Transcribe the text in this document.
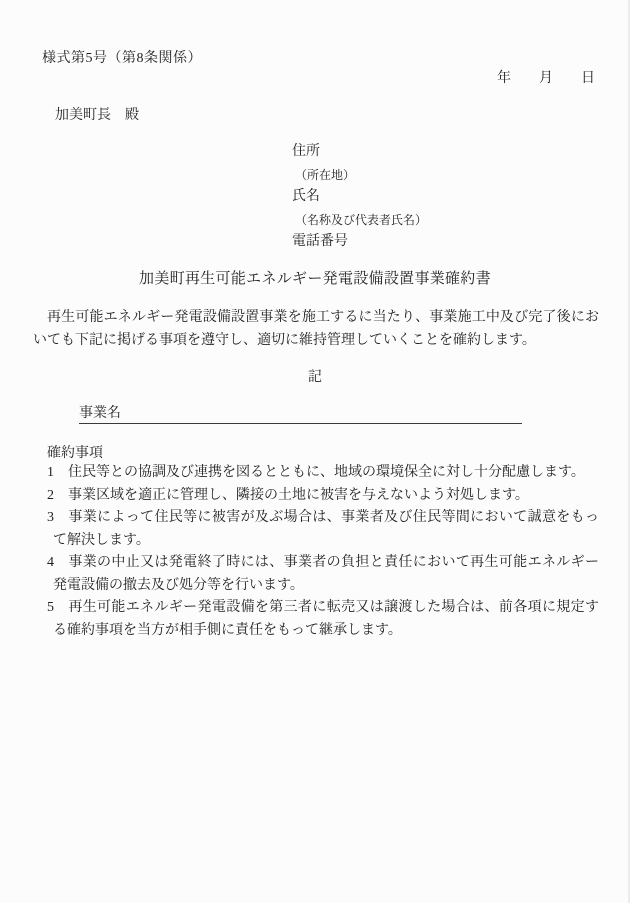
様式第5号（第8条関係）
年 月 日
加美町長 殿
住所
（所在地）
氏名
（名称及び代表者氏名）
電話番号
加美町再生可能エネルギー発電設備設置事業確約書
再生可能エネルギー発電設備設置事業を施工するに当たり、事業施工中及び完了後においても下記に掲げる事項を遵守し、適切に維持管理していくことを確約します。
記
事業名
確約事項
1 住民等との協調及び連携を図るとともに、地域の環境保全に対し十分配慮します。
2 事業区域を適正に管理し、隣接の土地に被害を与えないよう対処します。
3 事業によって住民等に被害が及ぶ場合は、事業者及び住民等間において誠意をもって解決します。
4 事業の中止又は発電終了時には、事業者の負担と責任において再生可能エネルギー発電設備の撤去及び処分等を行います。
5 再生可能エネルギー発電設備を第三者に転売又は譲渡した場合は、前各項に規定する確約事項を当方が相手側に責任をもって継承します。
